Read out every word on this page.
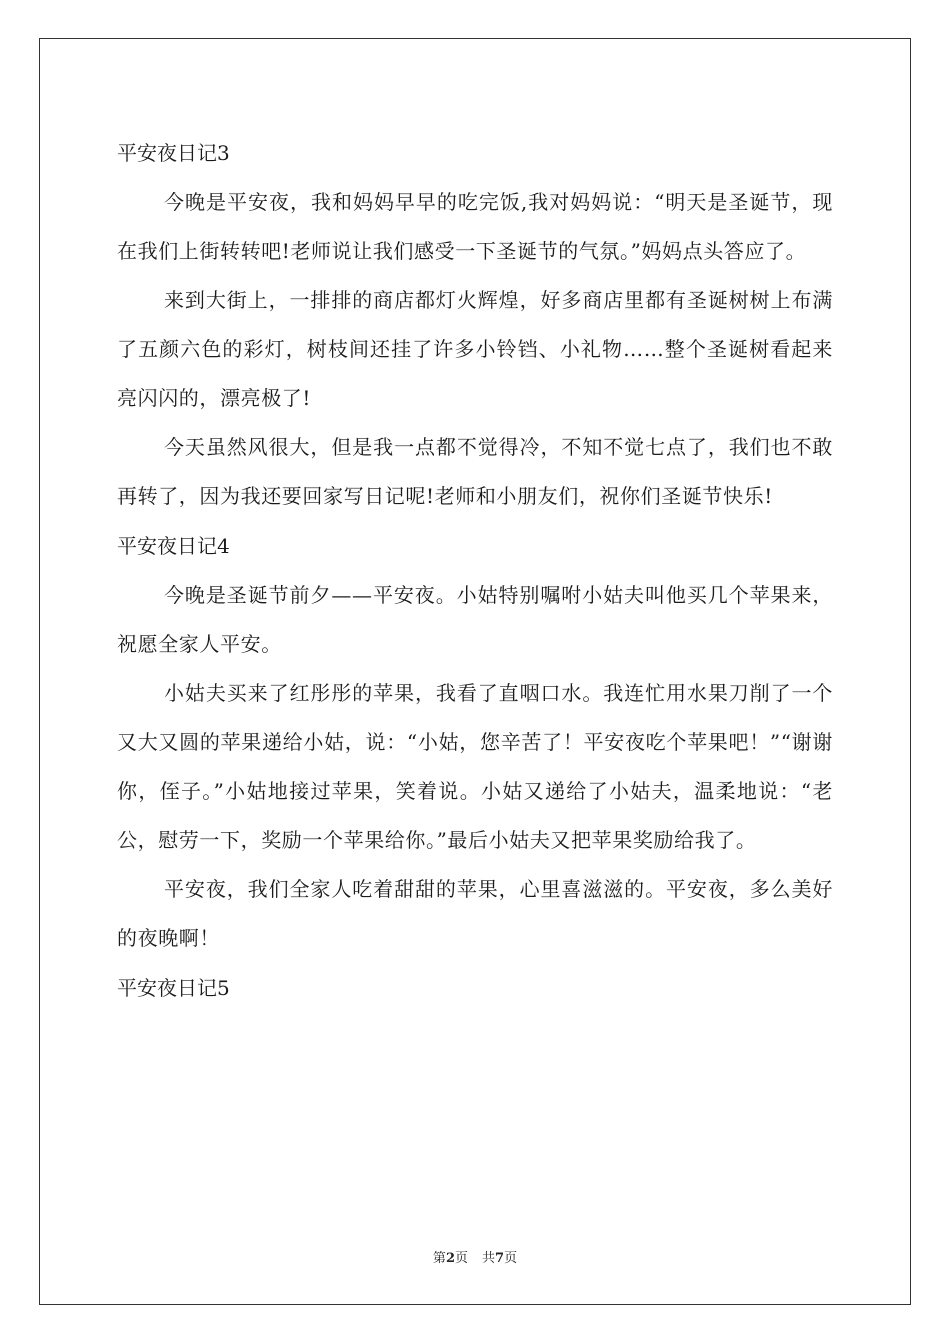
平安夜日记3

今晚是平安夜，我和妈妈早早的吃完饭,我对妈妈说：“明天是圣诞节，现在我们上街转转吧!老师说让我们感受一下圣诞节的气氛。”妈妈点头答应了。

来到大街上，一排排的商店都灯火辉煌，好多商店里都有圣诞树树上布满了五颜六色的彩灯，树枝间还挂了许多小铃铛、小礼物……整个圣诞树看起来亮闪闪的，漂亮极了!

今天虽然风很大，但是我一点都不觉得冷，不知不觉七点了，我们也不敢再转了，因为我还要回家写日记呢!老师和小朋友们，祝你们圣诞节快乐!

平安夜日记4

今晚是圣诞节前夕——平安夜。小姑特别嘱咐小姑夫叫他买几个苹果来，祝愿全家人平安。

小姑夫买来了红彤彤的苹果，我看了直咽口水。我连忙用水果刀削了一个又大又圆的苹果递给小姑，说：“小姑，您辛苦了！平安夜吃个苹果吧！”“谢谢你，侄子。”小姑地接过苹果，笑着说。小姑又递给了小姑夫，温柔地说：“老公，慰劳一下，奖励一个苹果给你。”最后小姑夫又把苹果奖励给我了。

平安夜，我们全家人吃着甜甜的苹果，心里喜滋滋的。平安夜，多么美好的夜晚啊！

平安夜日记5
第2页 共7页
